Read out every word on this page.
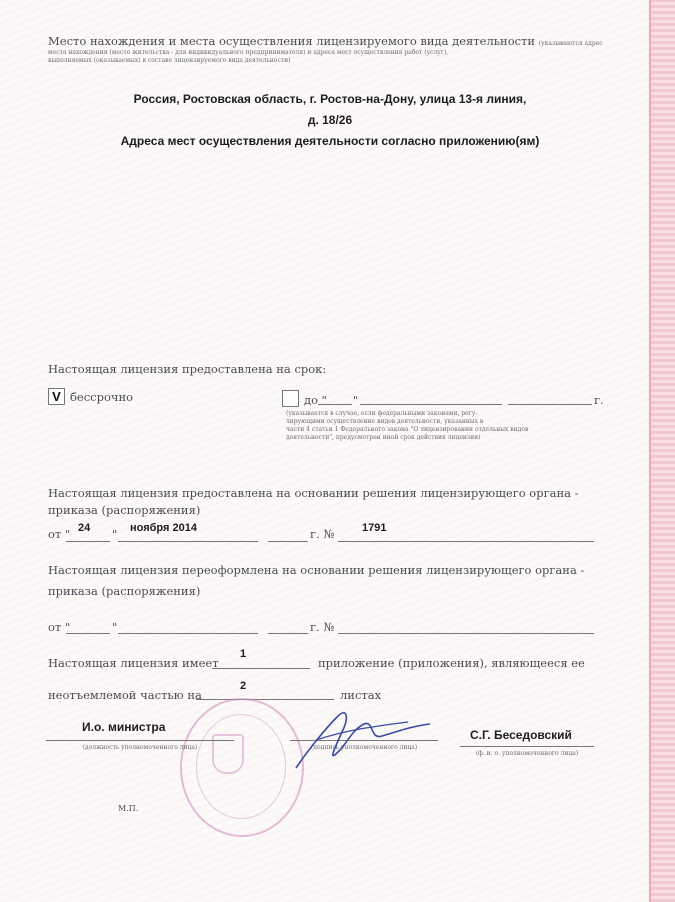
Место нахождения и места осуществления лицензируемого вида деятельности (указываются адрес
места нахождения (место жительства - для индивидуального предпринимателя) и адреса мест осуществления работ (услуг),
выполняемых (оказываемых) в составе лицензируемого вида деятельности)
Россия, Ростовская область, г. Ростов-на-Дону, улица 13-я линия,
д. 18/26
Адреса мест осуществления деятельности согласно приложению(ям)
Настоящая лицензия предоставлена на срок:
V бессрочно	до " "	г.
(указывается в случае, если федеральными законами, регу-
лирующими осуществление видов деятельности, указанных в
части 4 статьи 1 Федерального закона "О лицензировании отдельных видов
деятельности", предусмотрен иной срок действия лицензии)
Настоящая лицензия предоставлена на основании решения лицензирующего органа -
приказа (распоряжения)
от " 24 " ноября 2014	г. №	1791
Настоящая лицензия переоформлена на основании решения лицензирующего органа -
приказа (распоряжения)
от "	"	г. №
Настоящая лицензия имеет
1
приложение (приложения), являющееся ее
неотъемлемой частью на
2
листах
И.о. министра
(должность уполномоченного лица)	(подпись уполномоченного лица)
С.Г. Беседовский
(ф. и. о. уполномоченного лица)
М.П.
